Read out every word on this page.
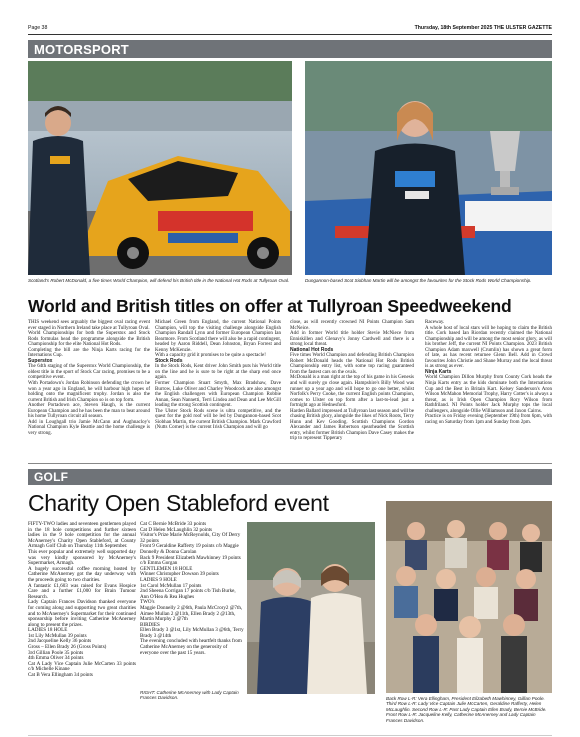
Page 38	Thursday, 18th September 2025 THE ULSTER GAZETTE
MOTORSPORT
Scotland's Robert McDonald, a five times World Champion, will defend his British title in the National Hot Rods at Tullyroan Oval.	Dungannon-based Scot Siobhan Martin will be amongst the favourites for the Stock Rods World Championship.
World and British titles on offer at Tullyroan Speedweekend

THIS weekend sees arguably the biggest oval racing event ever staged in Northern Ireland take place at Tullyroan Oval.

World Championships for both the Superstox and Stock Rods formulas head the programme alongside the British Championship for the elite National Hot Rods.

Completing the bill are the Ninja Karts racing for the Internations Cup.

Superstox

The 64th staging of the Superstox World Championship, the oldest title in the sport of Stock Car racing, promises to be a competitive event.

With Portadown's Jordan Robinson defending the crown he won a year ago in England, he will harbour high hopes of holding onto the magnificent trophy. Jordan is also the current British and Irish Champion so is on top form.

Another Portadown ace, Steven Haugh, is the current European Champion and he has been the man to beat around his home Tullyroan circuit all season.

Add in Loughgall trio Jamie McCann and Aughnacloy's National Champion Kyle Beattie and the home challenge is very strong.

Michael Green from England, the current National Points Champion, will top the visiting challenge alongside English Champion Randall Lynn and former European Champion Ian Bearmore. From Scotland there will also be a rapid contingent, headed by Aaron Riddell, Dean Johnston, Bryan Forrest and Kenny McKenzie.

With a capacity grid it promises to be quite a spectacle!

Stock Rods

In the Stock Rods, Kent driver John Smith puts his World title on the line and he is sure to be right at the sharp end once again.

Former Champion Stuart Smyth, Max Bradshaw, Dave Burrow, Luke Oliver and Charley Woodcock are also amongst the English challengers with European Champion Robbie Annan, Sean Nannetti, Terri Lindea and Dean and Lee McGill leading the strong Scottish contingent.

The Ulster Stock Rods scene is ultra competitive, and the quest for the gold roof will be led by Dungannon-based Scot Siobhan Martin, the current British Champion. Mark Crawford (Nutts Corner) is the current Irish Champion and will go

close, as will recently crowned NI Points Champion Sam McNeice.

Add in former World title holder Stevie McNiece from Enniskillen and Glenavy's Jonny Cardwell and there is a strong local threat.

National Hot Rods

Five times World Champion and defending British Champion Robert McDonald heads the National Hot Rods British Championship entry list, with some top racing guaranteed from the fastest cars on the ovals.

McDonald is a man right at the top of his game in his Genesis and will surely go close again. Hampshire's Billy Wood was runner up a year ago and will hope to go one better, whilst Norfolk's Perry Cooke, the current English points Champion, comes to Ulster on top form after a last-to-lead just a fortnight ago at Hednesford.

Harden Ballard impressed at Tullyroan last season and will be chasing British glory, alongside the likes of Nick Roots, Terry Hunn and Kev Gooding. Scottish Champions Gordon Alexander and James Robertson spearheaded the Scottish entry, whilst former British Champion Dave Casey makes the trip to represent Tipperary

Raceway.

A whole host of local stars will be hoping to claim the British title. Cork based Ian Riordan recently claimed the National Championship and will be among the most senior glory, as will his brother Jeff, the current NI Points Champion. 2023 British Champion Adam maxwell (Crumlin) has shown a great form of late, as has recent returnee Glenn Bell. Add in Crowd favourites John Christie and Shane Murray and the local threat is as strong as ever.

Ninja Karts

World Champion Dillon Murphy from County Cork heads the Ninja Karts entry as the kids dominate both the Internations Cup and the Best in Britain Kart. Kelsey Sanderson's Aron Wilson McMahon Memorial Trophy, Harry Cotter's is always a threat, as is Irish Open Champion Rory Wilson from Rathfriland. NI Points holder Jack Murphy tops the local challengers, alongside Ollie Williamson and Jaxon Cairns.

Practice is on Friday evening (September 19th) from 6pm, with racing on Saturday from 1pm and Sunday from 2pm.

GOLF
Charity Open Stableford event

FIFTY-TWO ladies and seventeen gentlemen played in the 18 hole competitions and further sixteen ladies in the 9 hole competition for the annual McAnerney's Charity Open Stableford, at County Armagh Golf Club on Thursday 11th September.

This ever popular and extremely well supported day was very kindly sponsored by McAnerney's Supermarket, Armagh.

A hugely successful coffee morning hosted by Catherine McAnerney got the day underway with the proceeds going to two charities.

A fantastic £1,603 was raised for Evans Hospice Care and a further £1,000 for Brain Tumour Research.

Lady Captain Frances Davidson thanked everyone for coming along and supporting two great charities and to McAnerney's Supermarket for their continued sponsorship before inviting Catherine McAnerney along to present the prizes.

LADIES 18 HOLE

1st Lily McMullan 39 points

2nd Jacqueline Kelly 36 points

Gross – Ellen Brady 26 (Gross Points)

3rd Gillian Poole 35 points

4th Emma Oliver 34 points

Cat A Lady Vice Captain Julie McCarten 33 points c/b Michelle Kinane

Cat B Vera Ellingham 34 points

Cat C Bernie McBride 33 points

Cat D Helen McLaughlin 32 points

Visitor's Prize Marie McReynolds, City Of Derry 32 points

Front 9 Geraldine Rafferty 19 points c/b Maggie Donnelly & Donna Carolan

Back 9 President Elizabeth Mawhinney 19 points c/b Emma Gorgan

GENTLEMEN 18 HOLE

Winner Christopher Dowson 39 points

LADIES 9 HOLE

1st Carol McMullan 17 points

2nd Sheena Corrigan 17 points c/b Tish Burke, Ann O'Hea & Rea Hughes

TWO's

Maggie Donnelly 2 @6th, Paula McCrory2 @7th, Aimee Mullan 2 @11th, Ellen Brady 2 @13th, Martin Murphy 2 @7th

BIRDIES

Ellen Brady 3 @1st, Lily McMullan 3 @6th, Terry Brady 3 @14th

The evening concluded with heartfelt thanks from Catherine McAnerney on the generosity of everyone over the past 15 years.

RIGHT: Catherine McAnerney with Lady Captain Frances Davidson.	Back Row L-R: Vera Ellingham, President Elizabeth Mawhinney, Gillian Poole. Third Row L-R: Lady Vice Captain Julie McCarten, Geraldine Rafferty, Helen McLaughlin. Second Row L-R: Past Lady Captain Ellen Brady, Bernie McBride. Front Row L-R: Jacqueline Kelly, Catherine McAnerney and Lady Captain Frances Davidson.
